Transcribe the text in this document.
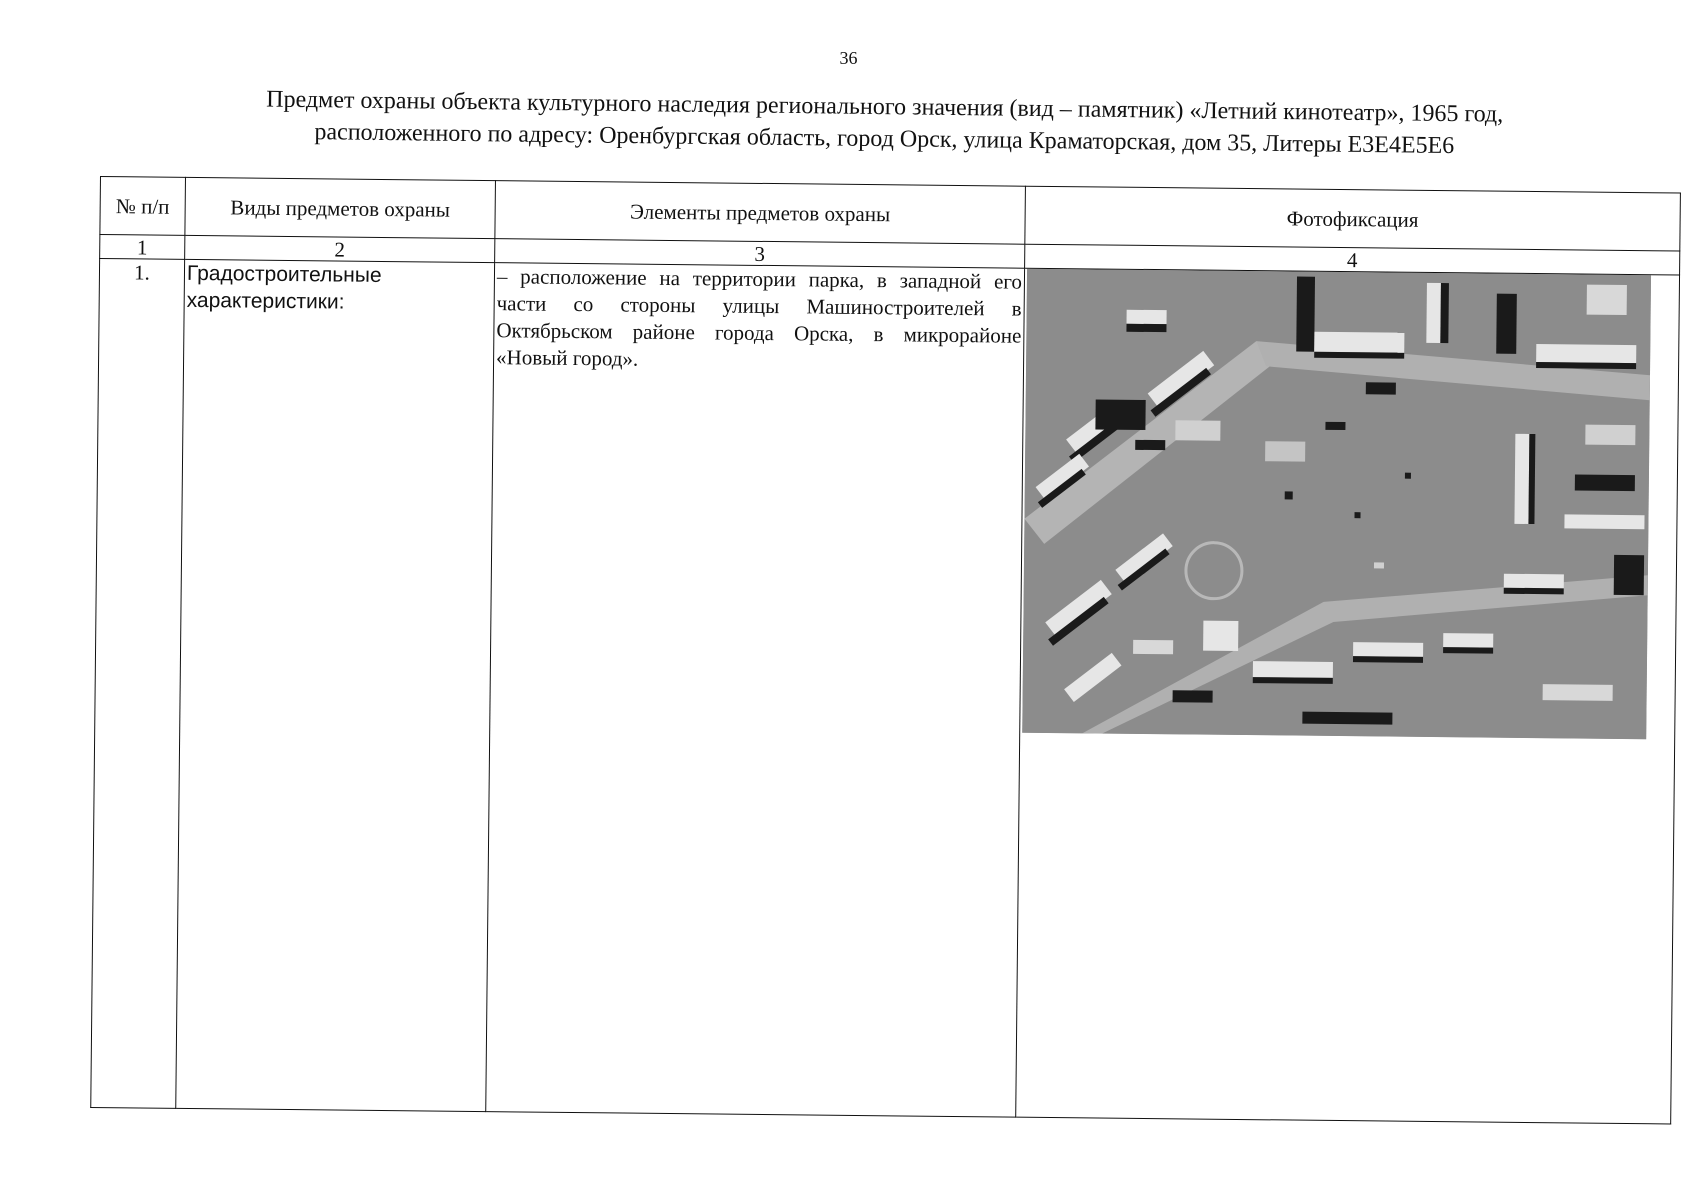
36
Предмет охраны объекта культурного наследия регионального значения (вид – памятник) «Летний кинотеатр», 1965 год,
расположенного по адресу: Оренбургская область, город Орск, улица Краматорская, дом 35, Литеры Е3Е4Е5Е6
№ п/п	Виды предметов охраны	Элементы предметов охраны	Фотофиксация
1	2	3	4
1.	Градостроительные характеристики:	– расположение на территории парка, в западной его части со стороны улицы Машиностроителей в Октябрьском районе города Орска, в микрорайоне «Новый город».	
